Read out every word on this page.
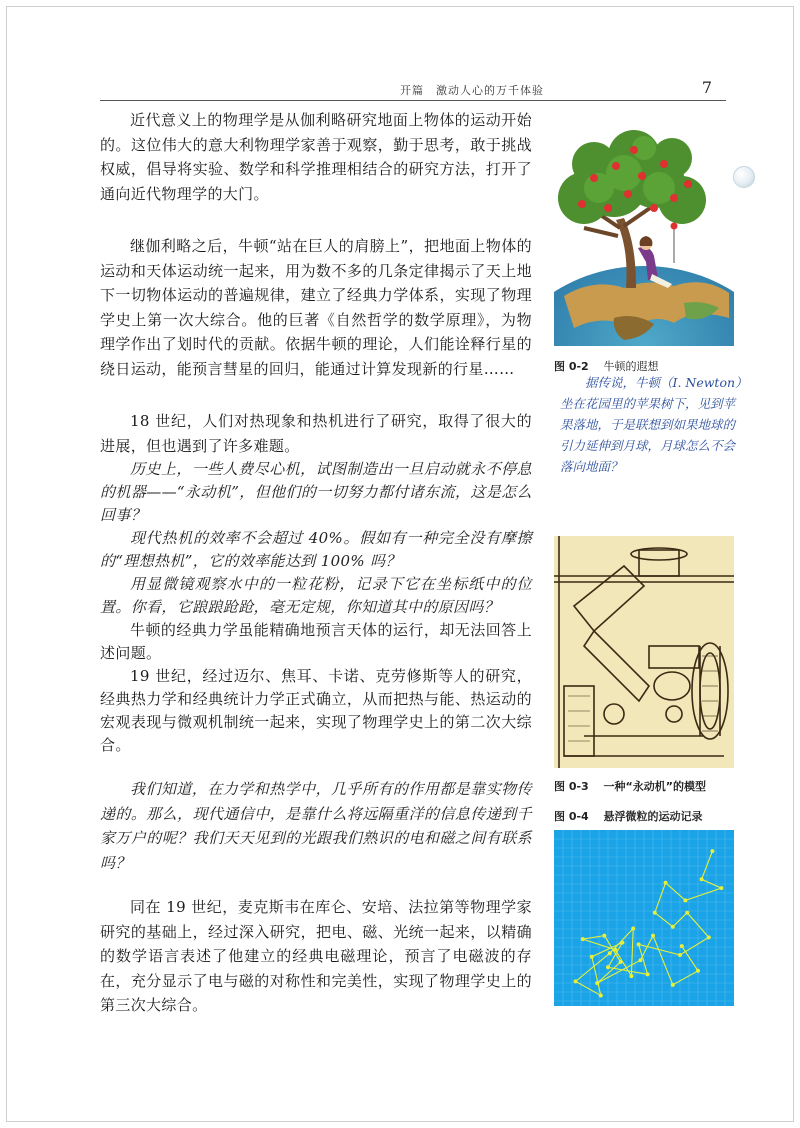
开篇　激动人心的万千体验	7

近代意义上的物理学是从伽利略研究地面上物体的运动开始的。这位伟大的意大利物理学家善于观察，勤于思考，敢于挑战权威，倡导将实验、数学和科学推理相结合的研究方法，打开了通向近代物理学的大门。

继伽利略之后，牛顿“站在巨人的肩膀上”，把地面上物体的运动和天体运动统一起来，用为数不多的几条定律揭示了天上地下一切物体运动的普遍规律，建立了经典力学体系，实现了物理学史上第一次大综合。他的巨著《自然哲学的数学原理》，为物理学作出了划时代的贡献。依据牛顿的理论，人们能诠释行星的绕日运动，能预言彗星的回归，能通过计算发现新的行星……

18 世纪，人们对热现象和热机进行了研究，取得了很大的进展，但也遇到了许多难题。

历史上，一些人费尽心机，试图制造出一旦启动就永不停息的机器——“永动机”，但他们的一切努力都付诸东流，这是怎么回事？

现代热机的效率不会超过 40%。假如有一种完全没有摩擦的“理想热机”，它的效率能达到 100% 吗？

用显微镜观察水中的一粒花粉，记录下它在坐标纸中的位置。你看，它踉踉跄跄，毫无定规，你知道其中的原因吗？

牛顿的经典力学虽能精确地预言天体的运行，却无法回答上述问题。

19 世纪，经过迈尔、焦耳、卡诺、克劳修斯等人的研究，经典热力学和经典统计力学正式确立，从而把热与能、热运动的宏观表现与微观机制统一起来，实现了物理学史上的第二次大综合。

我们知道，在力学和热学中，几乎所有的作用都是靠实物传递的。那么，现代通信中，是靠什么将远隔重洋的信息传递到千家万户的呢？我们天天见到的光跟我们熟识的电和磁之间有联系吗？

同在 19 世纪，麦克斯韦在库仑、安培、法拉第等物理学家研究的基础上，经过深入研究，把电、磁、光统一起来，以精确的数学语言表述了他建立的经典电磁理论，预言了电磁波的存在，充分显示了电与磁的对称性和完美性，实现了物理学史上的第三次大综合。

图 0-2　 牛顿的遐想
据传说，牛顿（I. Newton）坐在花园里的苹果树下，见到苹果落地，于是联想到如果地球的引力延伸到月球，月球怎么不会落向地面？
图 0-3　 一种“永动机”的模型
图 0-4　 悬浮微粒的运动记录
